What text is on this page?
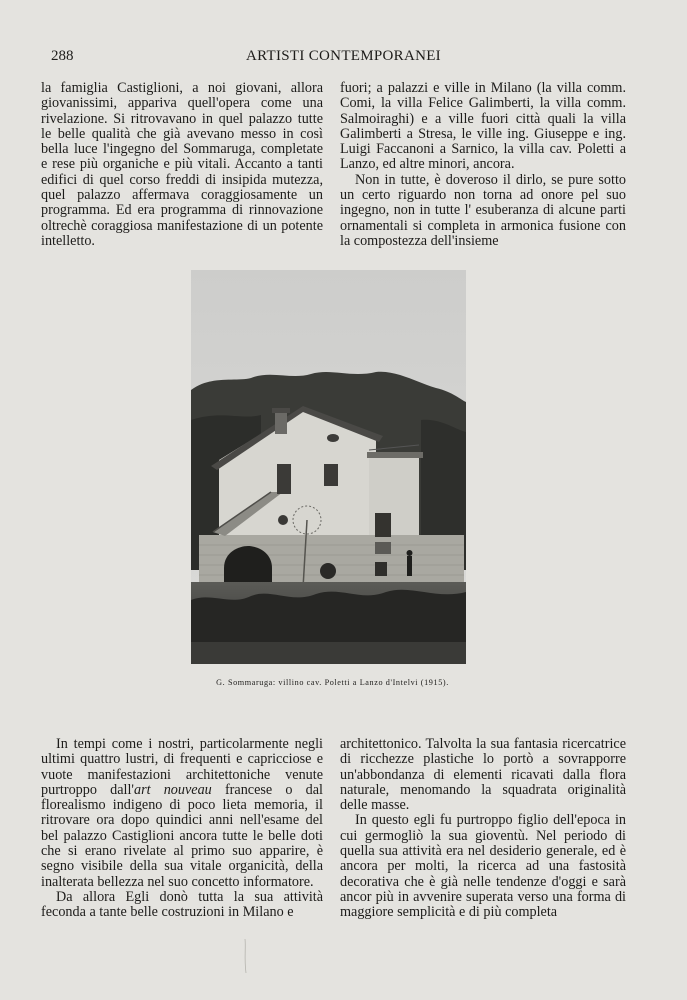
288	ARTISTI CONTEMPORANEI

la famiglia Castiglioni, a noi giovani, allora giovanissimi, appariva quell'opera come una rivelazione. Si ritrovavano in quel palazzo tutte le belle qualità che già avevano messo in così bella luce l'ingegno del Sommaruga, completate e rese più organiche e più vitali. Accanto a tanti edifici di quel corso freddi di insipida mutezza, quel palazzo affermava coraggiosamente un programma. Ed era programma di rinnovazione oltrechè coraggiosa manifestazione di un potente intelletto.

fuori; a palazzi e ville in Milano (la villa comm. Comi, la villa Felice Galimberti, la villa comm. Salmoiraghi) e a ville fuori città quali la villa Galimberti a Stresa, le ville ing. Giuseppe e ing. Luigi Faccanoni a Sarnico, la villa cav. Poletti a Lanzo, ed altre minori, ancora.

Non in tutte, è doveroso il dirlo, se pure sotto un certo riguardo non torna ad onore pel suo ingegno, non in tutte l' esuberanza di alcune parti ornamentali si completa in armonica fusione con la compostezza dell'insieme

G. Sommaruga: villino cav. Poletti a Lanzo d'Intelvi (1915).

In tempi come i nostri, particolarmente negli ultimi quattro lustri, di frequenti e capricciose e vuote manifestazioni architettoniche venute purtroppo dall'art nouveau francese o dal florealismo indigeno di poco lieta memoria, il ritrovare ora dopo quindici anni nell'esame del bel palazzo Castiglioni ancora tutte le belle doti che si erano rivelate al primo suo apparire, è segno visibile della sua vitale organicità, della inalterata bellezza nel suo concetto informatore.

Da allora Egli donò tutta la sua attività feconda a tante belle costruzioni in Milano e

architettonico. Talvolta la sua fantasia ricercatrice di ricchezze plastiche lo portò a sovrapporre un'abbondanza di elementi ricavati dalla flora naturale, menomando la squadrata originalità delle masse.

In questo egli fu purtroppo figlio dell'epoca in cui germogliò la sua gioventù. Nel periodo di quella sua attività era nel desiderio generale, ed è ancora per molti, la ricerca ad una fastosità decorativa che è già nelle tendenze d'oggi e sarà ancor più in avvenire superata verso una forma di maggiore semplicità e di più completa
